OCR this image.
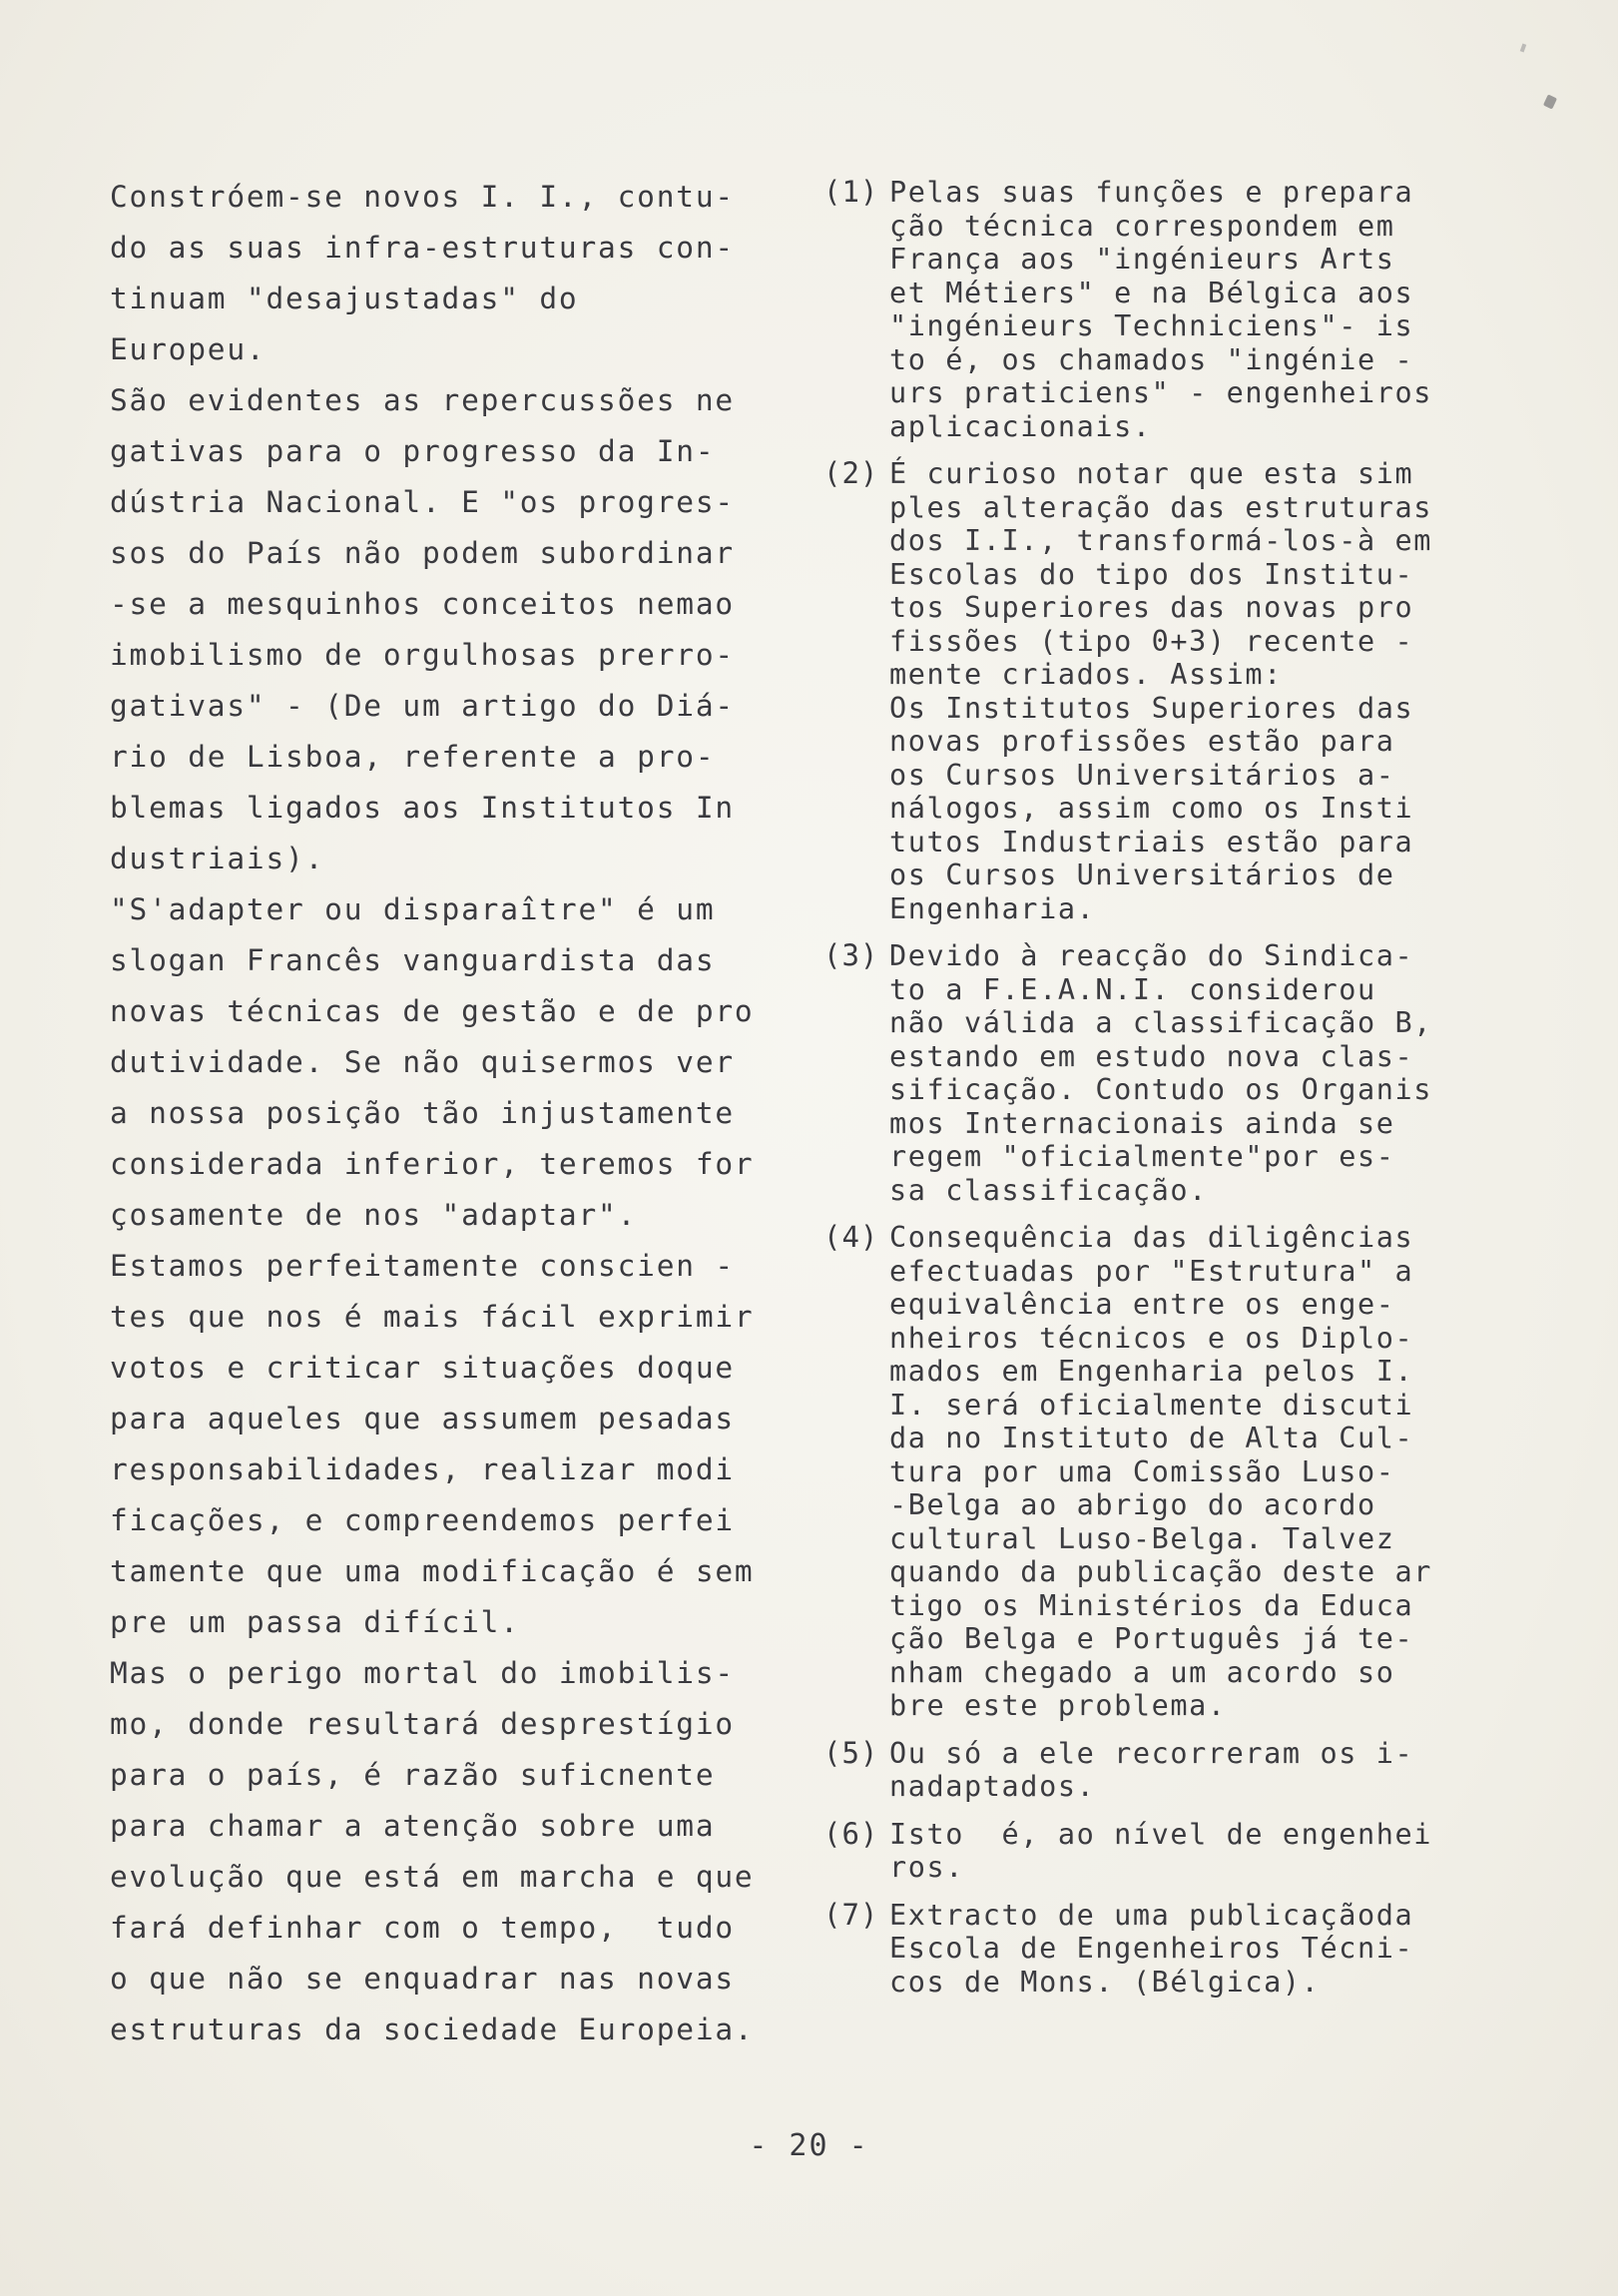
Constróem-se novos I. I., contu-

do as suas infra-estruturas con-

tinuam "desajustadas" do

Europeu.

São evidentes as repercussões ne

gativas para o progresso da In-

dústria Nacional. E "os progres-

sos do País não podem subordinar

-se a mesquinhos conceitos nemao

imobilismo de orgulhosas prerro-

gativas" - (De um artigo do Diá-

rio de Lisboa, referente a pro-

blemas ligados aos Institutos In

dustriais).

"S'adapter ou disparaître" é um

slogan Francês vanguardista das

novas técnicas de gestão e de pro

dutividade. Se não quisermos ver

a nossa posição tão injustamente

considerada inferior, teremos for

çosamente de nos "adaptar".

Estamos perfeitamente conscien -

tes que nos é mais fácil exprimir

votos e criticar situações doque

para aqueles que assumem pesadas

responsabilidades, realizar modi

ficações, e compreendemos perfei

tamente que uma modificação é sem

pre um passa difícil.

Mas o perigo mortal do imobilis-

mo, donde resultará desprestígio

para o país, é razão suficnente

para chamar a atenção sobre uma

evolução que está em marcha e que

fará definhar com o tempo,  tudo

o que não se enquadrar nas novas

estruturas da sociedade Europeia.

(1) Pelas suas funções e prepara
ção técnica correspondem em
França aos "ingénieurs Arts
et Métiers" e na Bélgica aos
"ingénieurs Techniciens"- is
to é, os chamados "ingénie -
urs praticiens" - engenheiros
aplicacionais.
(2) É curioso notar que esta sim
ples alteração das estruturas
dos I.I., transformá-los-à em
Escolas do tipo dos Institu-
tos Superiores das novas pro
fissões (tipo 0+3) recente -
mente criados. Assim:
Os Institutos Superiores das
novas profissões estão para
os Cursos Universitários a-
nálogos, assim como os Insti
tutos Industriais estão para
os Cursos Universitários de
Engenharia.
(3) Devido à reacção do Sindica-
to a F.E.A.N.I. considerou
não válida a classificação B,
estando em estudo nova clas-
sificação. Contudo os Organis
mos Internacionais ainda se
regem "oficialmente"por es-
sa classificação.
(4) Consequência das diligências
efectuadas por "Estrutura" a
equivalência entre os enge-
nheiros técnicos e os Diplo-
mados em Engenharia pelos I.
I. será oficialmente discuti
da no Instituto de Alta Cul-
tura por uma Comissão Luso-
-Belga ao abrigo do acordo
cultural Luso-Belga. Talvez
quando da publicação deste ar
tigo os Ministérios da Educa
ção Belga e Português já te-
nham chegado a um acordo so
bre este problema.
(5) Ou só a ele recorreram os i-
nadaptados.
(6) Isto  é, ao nível de engenhei
ros.
(7) Extracto de uma publicaçãoda
Escola de Engenheiros Técni-
cos de Mons. (Bélgica).
- 20 -
